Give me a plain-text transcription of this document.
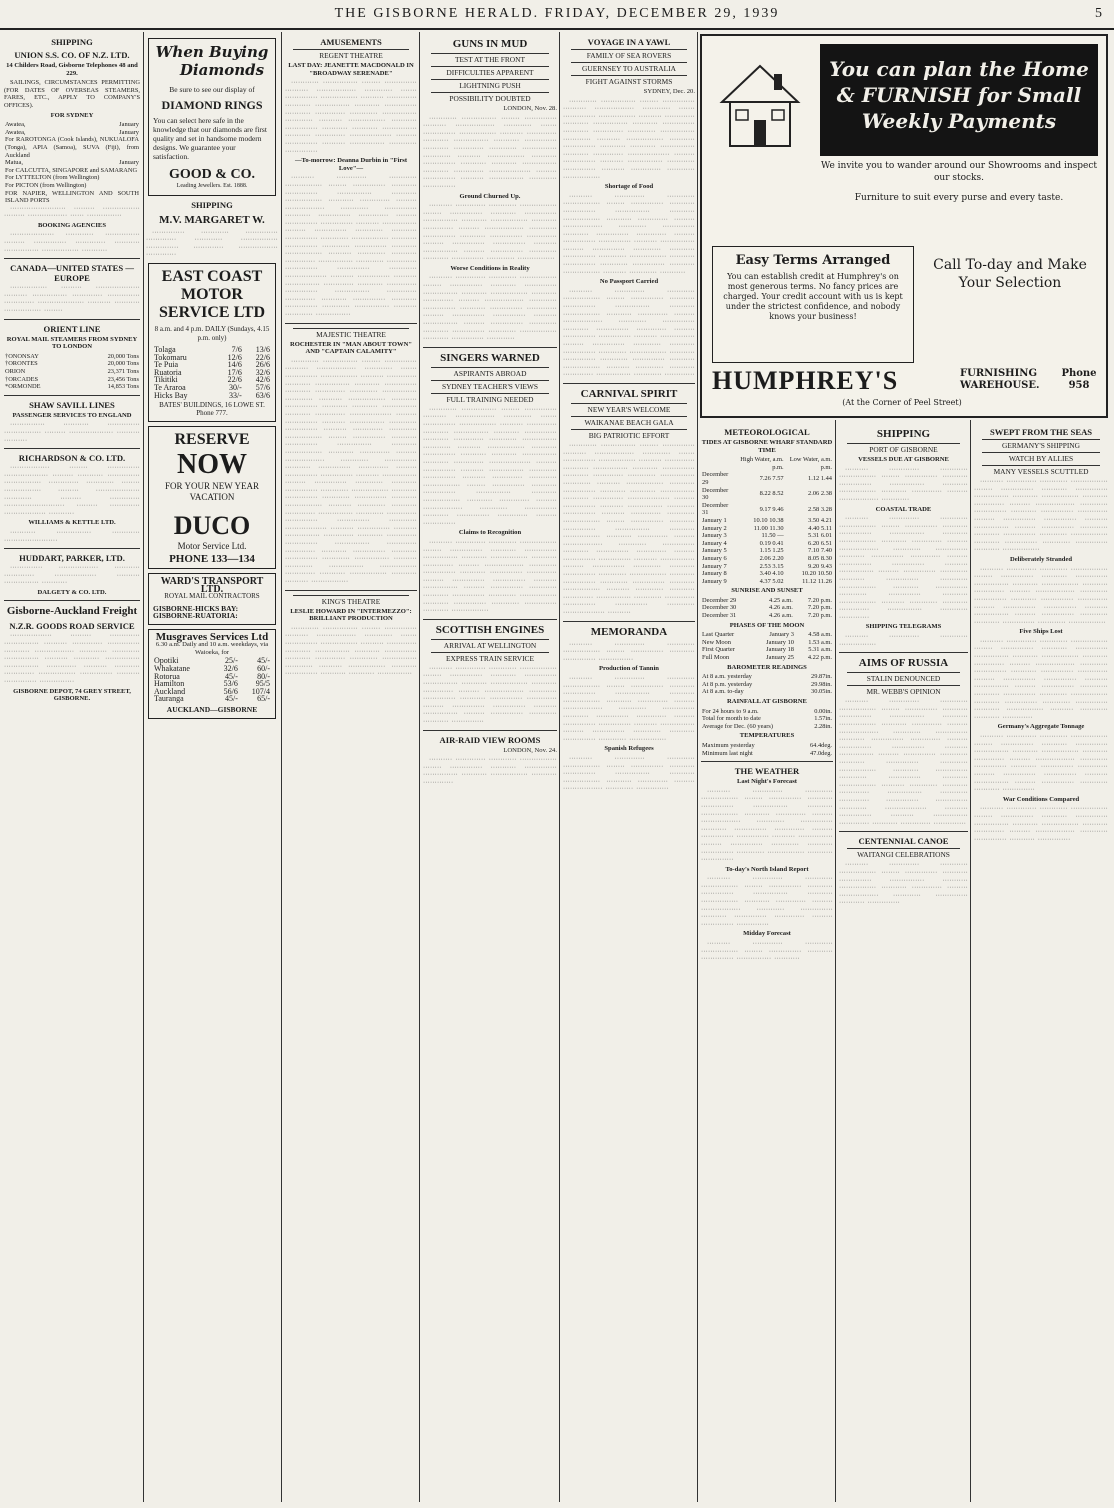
THE GISBORNE HERALD. FRIDAY, DECEMBER 29, 1939	5
SHIPPING
UNION S.S. CO. OF N.Z. LTD.
14 Childers Road, Gisborne Telephones 48 and 229.

SAILINGS, CIRCUMSTANCES PERMITTING (FOR DATES OF OVERSEAS STEAMERS, FARES, ETC., APPLY TO COMPANY'S OFFICES).

FOR SYDNEY
Awatea,	January
Awatea,	January
For RAROTONGA (Cook Islands), NUKUALOFA (Tonga), APIA (Samoa), SUVA (Fiji), from Auckland	
Matua,	January
For CALCUTTA, SINGAPORE and SAMARANG	
For LYTTELTON (from Wellington)	
For PICTON (from Wellington)	
FOR NAPIER, WELLINGTON AND SOUTH ISLAND PORTS	

························ ········· ················ ········· ················· ······ ···············

BOOKING AGENCIES

··················· ············ ··············· ········· ·············· ············· ··········· ··············· ················ ···········

CANADA—UNITED STATES —EUROPE

················ ········· ··················· ·········· ··············· ············· ·············· ············· ···················· ·········· ··········· ················ ········

ORIENT LINE
ROYAL MAIL STEAMERS FROM SYDNEY TO LONDON
†ONONSAY	20,000 Tons
†ORONTES	20,000 Tons
ORION	23,371 Tons
†ORCADES	23,456 Tons
*ORMONDE	14,853 Tons
SHAW SAVILL LINES
PASSENGER SERVICES TO ENGLAND

··············· ··········· ·············· ················ ········· ··················· ·········· ··········

RICHARDSON & CO. LTD.

················· ········ ·············· ··················· ········· ··········· ·············· ················ ············· ············ ········ ················ ········· ··················· ············ ········· ············· ·························· ········· ············· ·················· ···········

WILLIAMS & KETTLE LTD.

··········· ··············· ············ ·······················

HUDDART, PARKER, LTD.

·············· ················· ··········· ············· ·················· ·········· ··············· ···········

DALGETY & CO. LTD.
Gisborne-Auckland Freight
N.Z.R. GOODS ROAD SERVICE

·················· ········· ············· ··············· ·········· ············· ·············· ··········· ················· ············ ············ ··············· ·········· ··········· ··············· ··············· ············· ·········· ··········· ············· ················ ·············· ·········· ·············· ···············

GISBORNE DEPOT, 74 GREY STREET, GISBORNE.
When Buying
Diamonds
Be sure to see our display of
DIAMOND RINGS
You can select here safe in the knowledge that our diamonds are first quality and set in handsome modern designs. We guarantee your satisfaction.
GOOD & CO.
Leading Jewellers. Est. 1888.
SHIPPING
M.V. MARGARET W.

·············· ············ ·············· ············· ············ ················ ·············· ············· ················· ·············

EAST COAST MOTOR SERVICE LTD
8 a.m. and 4 p.m. DAILY (Sundays, 4.15 p.m. only)
Tolaga	7/6	13/6
Tokomaru	12/6	22/6
Te Puia	14/6	26/6
Ruatoria	17/6	32/6
Tikitiki	22/6	42/6
Te Araroa	30/-	57/6
Hicks Bay	33/-	63/6
BATES' BUILDINGS, 16 LOWE ST. Phone 777.
RESERVE
NOW
FOR YOUR NEW YEAR VACATION
DUCO
Motor Service Ltd.
PHONE 133—134
WARD'S TRANSPORT LTD.
ROYAL MAIL CONTRACTORS
GISBORNE-HICKS BAY:
GISBORNE-RUATORIA:
Musgraves Services Ltd
6.30 a.m. Daily and 10 a.m. weekdays, via Waioeka, for
Opotiki	25/-	45/-
Whakatane	32/6	60/-
Rotorua	45/-	80/-
Hamilton	53/6	95/5
Auckland	56/6	107/4
Tauranga	45/-	65/-
AUCKLAND—GISBORNE
AMUSEMENTS
REGENT THEATRE
LAST DAY: JEANETTE MACDONALD IN "BROADWAY SERENADE"

············ ··············· ········ ·············· ·········· ················· ············ ······· ·············· ················ ·········· ············· ··········· ··············· ··········· ·············· ··········· ············· ············ ··············· ············ ·········· ················ ··········· ·············· ··········· ··········· ··············· ··········· ············· ·················· ········· ·············· ·········· ··············· ············ ··············

—To-morrow: Deanna Durbin in "First Love"—

·········· ············· ············ ················ ········ ·············· ··········· ·············· ··············· ··········· ················ ··········· ············· ········· ················· ············ ·············· ··········· ·············· ············· ········· ·············· ·············· ·········· ··············· ········· ·············· ············ ··········· ·············· ············ ················ ··········· ·············· ············ ·············· ··········· ················ ·········· ············ ··········· ············· ··············· ············ ············· ·············· ·············· ············ ·················· ·········· ·············· ·········· ··············· ············· ··········· ············· ·············· ··············· ············· ············· ··········· ·············· ··········· ·············· ············ ··············· ·········· ············ ···············

MAJESTIC THEATRE
ROCHESTER IN "MAN ABOUT TOWN" AND "CAPTAIN CALAMITY"

············ ··············· ········ ·············· ·········· ················· ············ ······· ·············· ················ ·········· ············· ··········· ··············· ··········· ·············· ··········· ············· ············ ··············· ············ ·········· ················ ··········· ·············· ··········· ··········· ··············· ··········· ············· ·················· ········· ·············· ·········· ··············· ············ ·············· ·········· ············· ············ ················ ········ ·············· ··········· ·············· ··············· ··········· ················ ··········· ············· ········· ················· ············ ·············· ··········· ·············· ············· ········· ·············· ·············· ·········· ··············· ········· ·············· ············ ··········· ·············· ············ ················ ··········· ·············· ············ ·············· ··········· ················ ·········· ············ ··········· ············· ··············· ············ ············· ·············· ·············· ············ ·················· ·········· ·············· ·········· ··············· ············· ··········· ············· ·············· ··············· ············· ············· ··········· ·············· ··········· ·············· ············ ··············· ·········· ············ ··············· ················ ············· ··········· ················ ··········· ·········· ················

KING'S THEATRE
LESLIE HOWARD IN "INTERMEZZO": BRILLIANT PRODUCTION

············ ··············· ········ ·············· ·········· ················· ············ ······· ·············· ················ ·········· ············· ··········· ··············· ··········· ·············· ··········· ············· ············ ··············· ············ ·········· ················ ··········· ·············· ··········· ··········· ···············

GUNS IN MUD
TEST AT THE FRONT
DIFFICULTIES APPARENT
LIGHTNING PUSH
POSSIBILITY DOUBTED
LONDON, Nov. 28.

············ ··············· ········ ·············· ·········· ················· ············ ······· ·············· ················ ·········· ············· ··········· ··············· ··········· ·············· ··········· ············· ············ ··············· ············ ·········· ················ ··········· ·············· ··········· ··········· ··············· ··········· ············· ·················· ········· ·············· ·········· ··············· ············ ··············

Ground Churned Up.

·········· ············· ············ ················ ········ ·············· ··········· ·············· ··············· ··········· ················ ··········· ············· ········· ················· ············ ·············· ··········· ·············· ············· ········· ·············· ·············· ·········· ··············· ········· ·············· ············ ··········· ·············· ············ ················

Worse Conditions in Reality

·········· ············· ············ ················ ········ ·············· ··········· ·············· ··············· ··········· ················ ··········· ············· ········· ················· ············ ·············· ··········· ·············· ············· ········· ·············· ·············· ·········· ··············· ········· ·············· ············ ··········· ·············· ············ ················ ··········· ·············· ············

SINGERS WARNED
ASPIRANTS ABROAD
SYDNEY TEACHER'S VIEWS
FULL TRAINING NEEDED

············ ··············· ········ ·············· ·········· ················· ············ ······· ·············· ················ ·········· ············· ··········· ··············· ··········· ·············· ··········· ············· ············ ··············· ············ ·········· ················ ··········· ·············· ··········· ··········· ··············· ··········· ············· ·················· ········· ·············· ·········· ··············· ············ ·············· ·········· ············· ············ ················ ········ ·············· ··········· ·············· ··············· ··········· ················ ··········· ············· ········· ················· ············ ·············· ··········· ·············· ············· ········· ··············

Claims to Recognition

·········· ············· ············ ················ ········ ·············· ··········· ·············· ··············· ··········· ················ ··········· ············· ········· ················· ············ ·············· ··········· ·············· ············· ········· ·············· ·············· ·········· ··············· ········· ·············· ············ ··········· ·············· ············ ················ ··········· ·············· ············ ·············· ··········· ················

SCOTTISH ENGINES
ARRIVAL AT WELLINGTON
EXPRESS TRAIN SERVICE

·········· ············· ············ ················ ········ ·············· ··········· ·············· ··············· ··········· ················ ··········· ············· ········· ················· ············ ·············· ··········· ·············· ············· ········· ·············· ·············· ·········· ··············· ········· ·············· ············ ··········· ··············

AIR-RAID VIEW ROOMS
LONDON, Nov. 24.

·········· ············· ············ ················ ········ ·············· ··········· ·············· ··············· ··········· ················ ··········· ·············

VOYAGE IN A YAWL
FAMILY OF SEA ROVERS
GUERNSEY TO AUSTRALIA
FIGHT AGAINST STORMS
SYDNEY, Dec. 20.

············ ··············· ········ ·············· ·········· ················· ············ ······· ·············· ················ ·········· ············· ··········· ··············· ··········· ·············· ··········· ············· ············ ··············· ············ ·········· ················ ··········· ·············· ··········· ··········· ··············· ··········· ············· ·················· ········· ·············· ·········· ··············· ············ ·············· ·········· ············· ············ ················

Shortage of Food

·········· ············· ············ ················ ········ ·············· ··········· ·············· ··············· ··········· ················ ··········· ············· ········· ················· ············ ·············· ··········· ·············· ············· ········· ·············· ·············· ·········· ··············· ········· ·············· ············ ··········· ·············· ············ ················ ··········· ·············· ············ ·············· ··········· ················ ·········· ············ ···········

No Passport Carried

·········· ············· ············ ················ ········ ·············· ··········· ·············· ··············· ··········· ················ ··········· ············· ········· ················· ············ ·············· ··········· ·············· ············· ········· ·············· ·············· ·········· ··············· ········· ·············· ············ ··········· ·············· ············ ················ ··········· ·············· ············ ·············· ··········· ················ ·········· ············ ··········· ············· ··············· ············ ·············

CARNIVAL SPIRIT
NEW YEAR'S WELCOME
WAIKANAE BEACH GALA
BIG PATRIOTIC EFFORT

············ ··············· ········ ·············· ·········· ················· ············ ······· ·············· ················ ·········· ············· ··········· ··············· ··········· ·············· ··········· ············· ············ ··············· ············ ·········· ················ ··········· ·············· ··········· ··········· ··············· ··········· ············· ·················· ········· ·············· ·········· ··············· ············ ·············· ·········· ············· ············ ················ ········ ·············· ··········· ·············· ··············· ··········· ················ ··········· ············· ········· ················· ············ ·············· ··········· ·············· ············· ········· ·············· ·············· ·········· ··············· ········· ·············· ············ ··········· ·············· ············ ················ ··········· ·············· ············ ·············· ··········· ················ ·········· ············ ··········· ············· ··············· ············ ············· ·············· ·············· ············ ·················· ··········

MEMORANDA

·········· ············· ············ ················ ········ ·············· ··········· ·············· ···············

Production of Tannin

·········· ············· ············ ················ ········ ·············· ··········· ·············· ··············· ··········· ················ ··········· ············· ········· ················· ············ ·············· ··········· ·············· ············· ········· ·············· ·············· ·········· ··············· ········· ·············· ············ ··········· ·············· ············ ················

Spanish Refugees

·········· ············· ············ ················ ········ ·············· ··········· ·············· ··············· ··········· ················ ··········· ············· ········· ················· ············ ··············

You can plan the Home & FURNISH for Small Weekly Payments
We invite you to wander around our Showrooms and inspect our stocks.
Furniture to suit every purse and every taste.
Easy Terms Arranged
You can establish credit at Humphrey's on most generous terms. No fancy prices are charged. Your credit account with us is kept under the strictest confidence, and nobody knows your business!
Call To-day and Make Your Selection
HUMPHREY'S	FURNISHING WAREHOUSE.
Phone 958
(At the Corner of Peel Street)
METEOROLOGICAL
TIDES AT GISBORNE WHARF STANDARD TIME
	High Water, a.m. p.m.	Low Water, a.m. p.m.
December 29	7.26 7.57	1.12 1.44
December 30	8.22 8.52	2.06 2.38
December 31	9.17 9.46	2.58 3.28
January 1	10.10 10.38	3.50 4.21
January 2	11.00 11.30	4.40 5.11
January 3	11.50 —	5.31 6.01
January 4	0.19 0.41	6.20 6.51
January 5	1.15 1.25	7.10 7.40
January 6	2.06 2.20	8.05 8.30
January 7	2.53 3.15	9.20 9.43
January 8	3.40 4.10	10.20 10.50
January 9	4.37 5.02	11.12 11.26
SUNRISE AND SUNSET
December 29	4.25 a.m.	7.20 p.m.
December 30	4.26 a.m.	7.20 p.m.
December 31	4.26 a.m.	7.20 p.m.
PHASES OF THE MOON
Last Quarter	January 3	4.58 a.m.
New Moon	January 10	1.53 a.m.
First Quarter	January 18	5.31 a.m.
Full Moon	January 25	4.22 p.m.
BAROMETER READINGS
At 8 a.m. yesterday	29.87in.
At 8 p.m. yesterday	29.98in.
At 8 a.m. to-day	30.05in.
RAINFALL AT GISBORNE
For 24 hours to 9 a.m.	0.00in.
Total for month to date	1.57in.
Average for Dec. (60 years)	2.28in.
TEMPERATURES
Maximum yesterday	64.4deg.
Minimum last night	47.0deg.
THE WEATHER
Last Night's Forecast

·········· ············· ············ ················ ········ ·············· ··········· ·············· ··············· ··········· ················ ··········· ············· ········· ················· ············ ·············· ··········· ·············· ············· ········· ·············· ·············· ·········· ··············· ········· ·············· ············ ··········· ·············· ············ ················ ··········· ··············

To-day's North Island Report

·········· ············· ············ ················ ········ ·············· ··········· ·············· ··············· ··········· ················ ··········· ············· ········· ················· ············ ·············· ··········· ·············· ············· ········· ·············· ··············

Midday Forecast

·········· ············· ············ ················ ········ ·············· ··········· ·············· ··············· ···········

SHIPPING
PORT OF GISBORNE
VESSELS DUE AT GISBORNE

·········· ············· ············ ················ ········ ·············· ··········· ·············· ··············· ··········· ················ ··········· ············· ········· ················· ············

COASTAL TRADE

·········· ············· ············ ················ ········ ·············· ··········· ·············· ··············· ··········· ················ ··········· ············· ········· ················· ············ ·············· ··········· ·············· ············· ········· ·············· ·············· ·········· ··············· ········· ·············· ············ ··········· ·············· ············ ················ ··········· ·············· ············ ·············· ··········· ················ ·········· ············ ··········· ············· ··············· ············ ·············

SHIPPING TELEGRAMS

·········· ············· ············ ················

AIMS OF RUSSIA
STALIN DENOUNCED
MR. WEBB'S OPINION

·········· ············· ············ ················ ········ ·············· ··········· ·············· ··············· ··········· ················ ··········· ············· ········· ················· ············ ·············· ··········· ·············· ············· ········· ·············· ·············· ·········· ··············· ········· ·············· ············ ··········· ·············· ············ ················ ··········· ·············· ············ ·············· ··········· ················ ·········· ············ ··········· ············· ··············· ············ ············· ·············· ·············· ············ ·················· ·········· ·············· ·········· ··············· ············· ··········· ············· ··············

CENTENNIAL CANOE
WAITANGI CELEBRATIONS

·········· ············· ············ ················ ········ ·············· ··········· ·············· ··············· ··········· ················ ··········· ············· ········· ················· ············ ·············· ··········· ··············

SWEPT FROM THE SEAS
GERMANY'S SHIPPING
WATCH BY ALLIES
MANY VESSELS SCUTTLED

·········· ············· ············ ················ ········ ·············· ··········· ·············· ··············· ··········· ················ ··········· ············· ········· ················· ············ ·············· ··········· ·············· ············· ········· ·············· ·············· ·········· ··············· ········· ·············· ············ ··········· ·············· ············ ················ ··········· ·············· ············ ·············· ··········· ················

Deliberately Stranded

·········· ············· ············ ················ ········ ·············· ··········· ·············· ··············· ··········· ················ ··········· ············· ········· ················· ············ ·············· ··········· ·············· ············· ········· ·············· ·············· ·········· ··············· ········· ·············· ············ ··········· ·············· ············ ················

Five Ships Lost

·········· ············· ············ ················ ········ ·············· ··········· ·············· ··············· ··········· ················ ··········· ············· ········· ················· ············ ·············· ··········· ·············· ············· ········· ·············· ·············· ·········· ··············· ········· ·············· ············ ··········· ·············· ············ ················ ··········· ·············· ············ ·············· ··········· ················ ·········· ············ ··········· ·············

Germany's Aggregate Tonnage

·········· ············· ············ ················ ········ ·············· ··········· ·············· ··············· ··········· ················ ··········· ············· ········· ················· ············ ·············· ··········· ·············· ············· ········· ·············· ·············· ·········· ··············· ········· ·············· ············ ··········· ··············

War Conditions Compared

·········· ············· ············ ················ ········ ·············· ··········· ·············· ··············· ··········· ················ ··········· ············· ········· ················· ············ ·············· ··········· ··············
